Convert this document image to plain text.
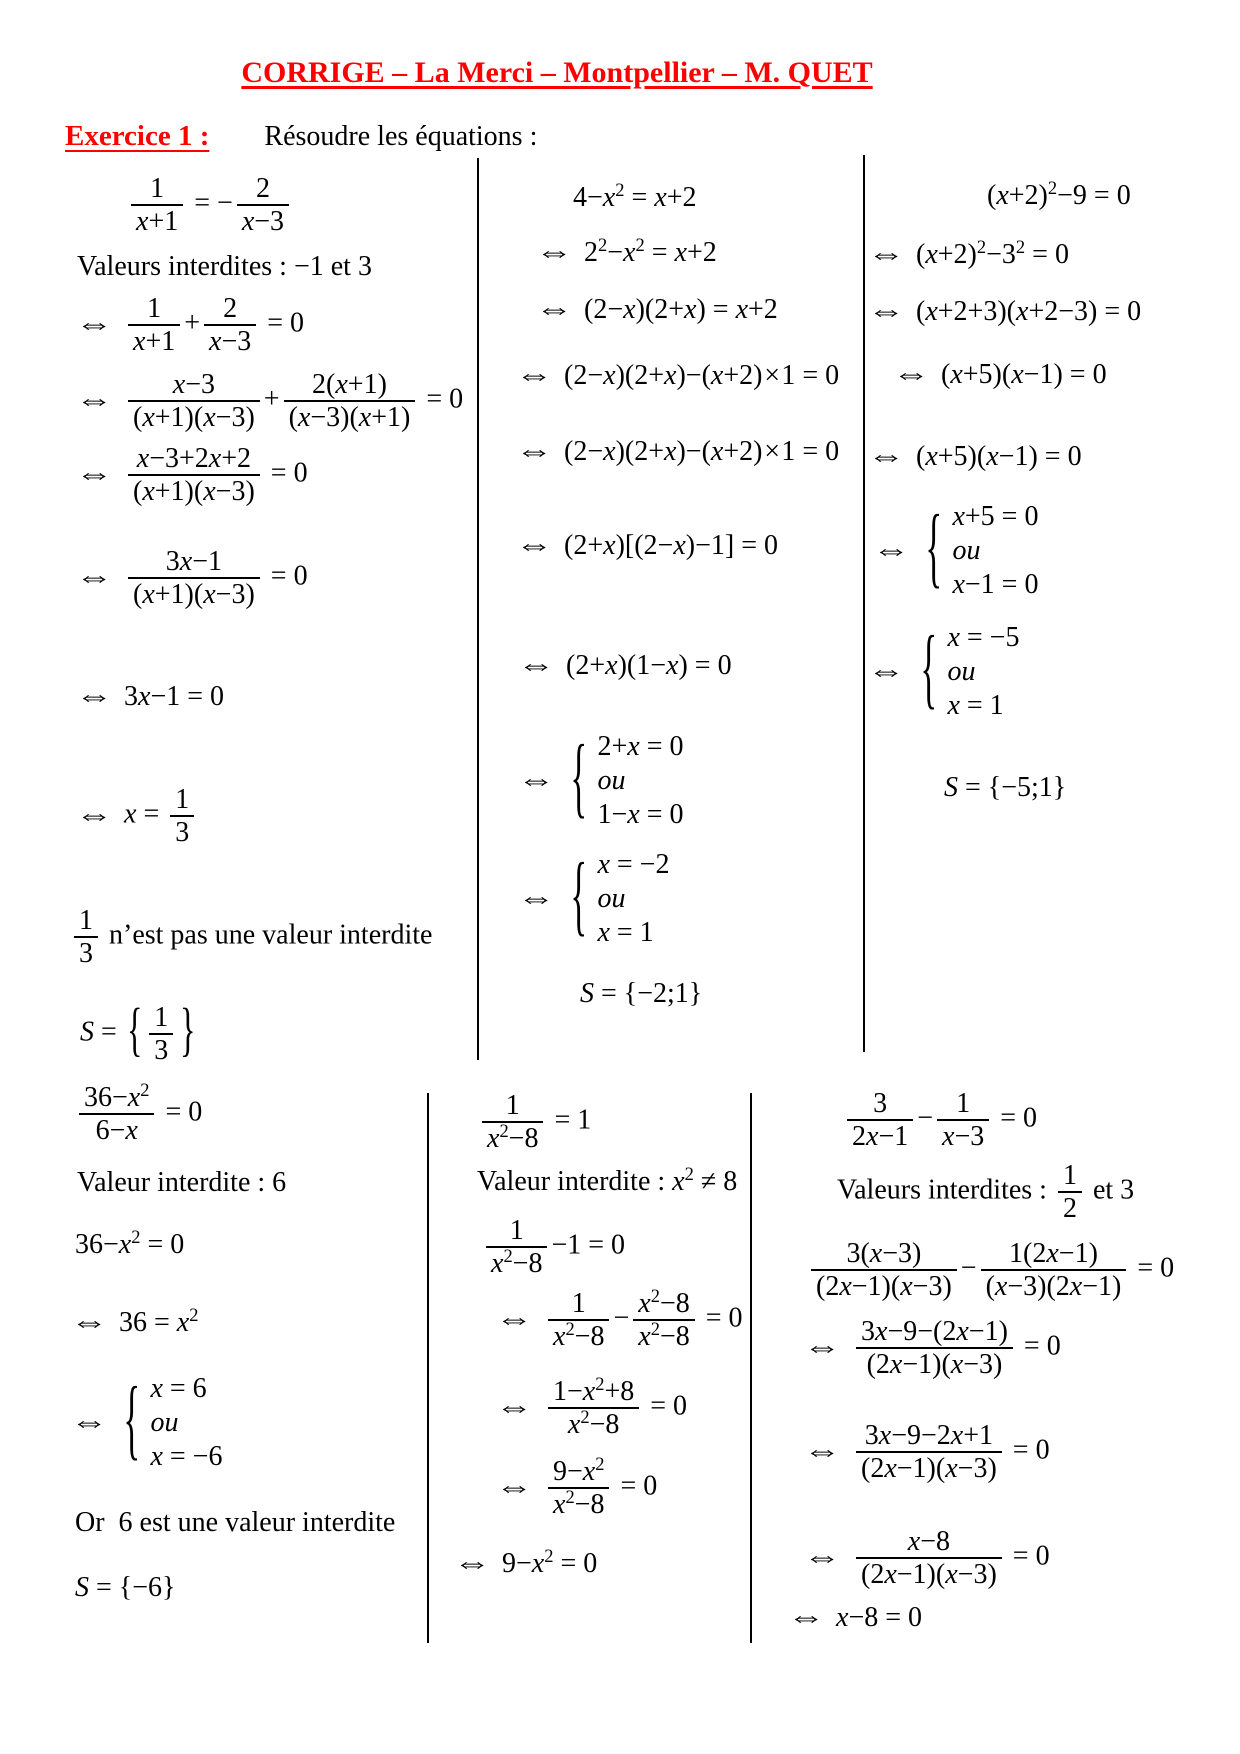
CORRIGE – La Merci – Montpellier – M. QUET
Exercice 1 : Résoudre les équations :
$\frac{1}{x+1}$ = − $\frac{2}{x-3}$
Valeurs interdites : −1 et 3
⇔ $\frac{1}{x+1} + \frac{2}{x-3} = 0$
⇔ $\frac{x-3}{(x+1)(x-3)} + \frac{2(x+1)}{(x-3)(x+1)} = 0$
⇔ $\frac{x-3+2x+2}{(x+1)(x-3)} = 0$
⇔ $\frac{3x-1}{(x+1)(x-3)} = 0$
⇔ 3x−1 = 0
⇔ $x = \frac{1}{3}$
$\frac{1}{3}$ n’est pas une valeur interdite
S = { $\frac{1}{3}$ }
$4-x^2 = x+2$
⇔ $2^2-x^2 = x+2$
⇔ (2−x)(2+x) = x+2
⇔ (2−x)(2+x)−(x+2)×1 = 0
⇔ (2−x)(2+x)−(x+2)×1 = 0
⇔ (2+x)[(2−x)−1] = 0
⇔ (2+x)(1−x) = 0
⇔ { 2+x = 0
ou
1−x = 0
⇔ { x = −2
ou
x = 1
S = {−2;1}
$(x+2)^2-9 = 0$
⇔ $(x+2)^2-3^2 = 0$
⇔ (x+2+3)(x+2−3) = 0
⇔ (x+5)(x−1) = 0
⇔ (x+5)(x−1) = 0
⇔ { x+5 = 0
ou
x−1 = 0
⇔ { x = −5
ou
x = 1
S = {−5;1}
$\frac{36-x^2}{6-x} = 0$
Valeur interdite : 6
$36-x^2 = 0$
⇔ $36 = x^2$
⇔ { x = 6
ou
x = −6
Or  6 est une valeur interdite
S = {−6}
$\frac{1}{x^2-8} = 1$
Valeur interdite : $x^2 \ne 8$
$\frac{1}{x^2-8} -1 = 0$
⇔ $\frac{1}{x^2-8} - \frac{x^2-8}{x^2-8} = 0$
⇔ $\frac{1-x^2+8}{x^2-8} = 0$
⇔ $\frac{9-x^2}{x^2-8} = 0$
⇔ $9-x^2 = 0$
$\frac{3}{2x-1} - \frac{1}{x-3} = 0$
Valeurs interdites : $\frac{1}{2}$ et 3
$\frac{3(x-3)}{(2x-1)(x-3)} - \frac{1(2x-1)}{(x-3)(2x-1)} = 0$
⇔ $\frac{3x-9-(2x-1)}{(2x-1)(x-3)} = 0$
⇔ $\frac{3x-9-2x+1}{(2x-1)(x-3)} = 0$
⇔ $\frac{x-8}{(2x-1)(x-3)} = 0$
⇔ x−8 = 0
